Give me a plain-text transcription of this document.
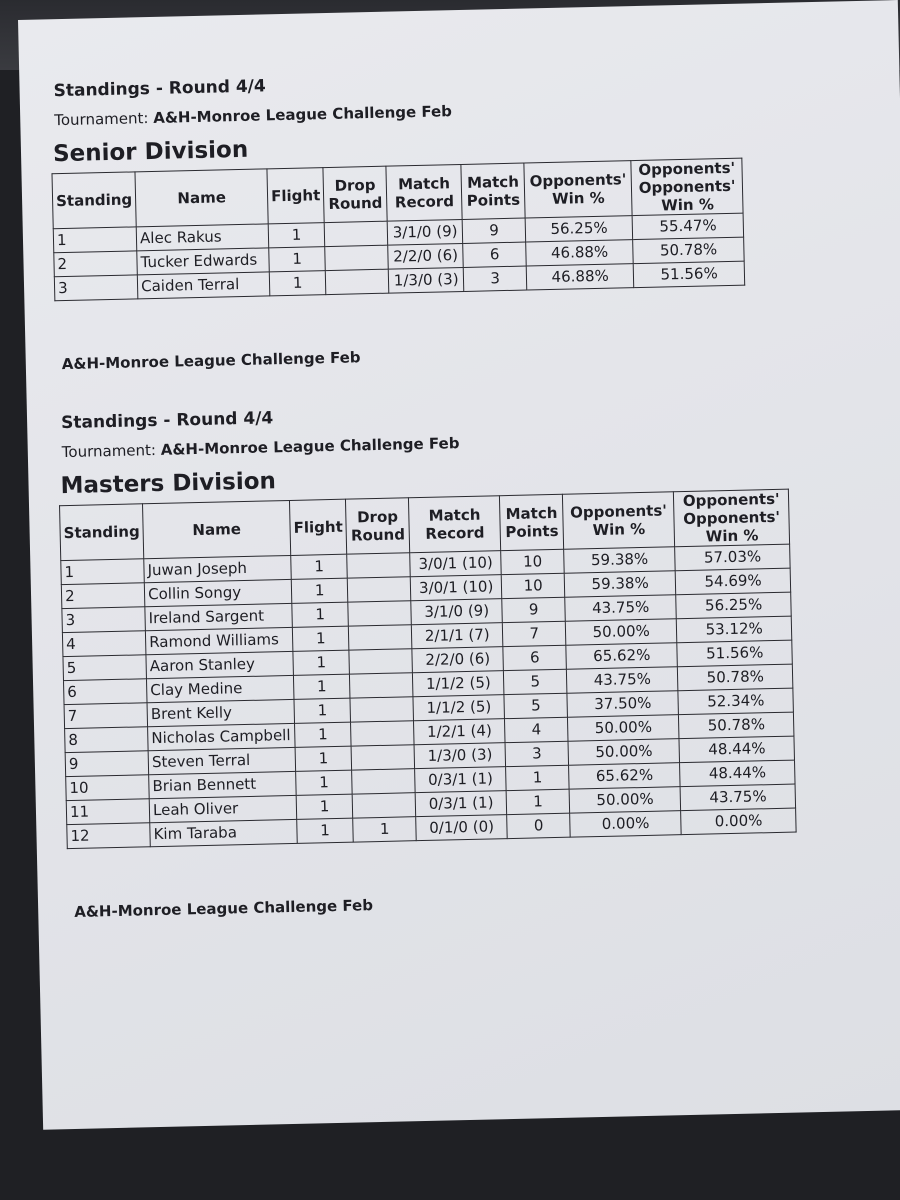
Standings - Round 4/4
Tournament: A&H-Monroe League Challenge Feb
Senior Division
Standing	Name	Flight	Drop Round	Match Record	Match Points	Opponents' Win %	Opponents' Opponents' Win %
1	Alec Rakus	1		3/1/0 (9)	9	56.25%	55.47%
2	Tucker Edwards	1		2/2/0 (6)	6	46.88%	50.78%
3	Caiden Terral	1		1/3/0 (3)	3	46.88%	51.56%
A&H-Monroe League Challenge Feb
Standings - Round 4/4
Tournament: A&H-Monroe League Challenge Feb
Masters Division
Standing	Name	Flight	Drop Round	Match Record	Match Points	Opponents' Win %	Opponents' Opponents' Win %
1	Juwan Joseph	1		3/0/1 (10)	10	59.38%	57.03%
2	Collin Songy	1		3/0/1 (10)	10	59.38%	54.69%
3	Ireland Sargent	1		3/1/0 (9)	9	43.75%	56.25%
4	Ramond Williams	1		2/1/1 (7)	7	50.00%	53.12%
5	Aaron Stanley	1		2/2/0 (6)	6	65.62%	51.56%
6	Clay Medine	1		1/1/2 (5)	5	43.75%	50.78%
7	Brent Kelly	1		1/1/2 (5)	5	37.50%	52.34%
8	Nicholas Campbell	1		1/2/1 (4)	4	50.00%	50.78%
9	Steven Terral	1		1/3/0 (3)	3	50.00%	48.44%
10	Brian Bennett	1		0/3/1 (1)	1	65.62%	48.44%
11	Leah Oliver	1		0/3/1 (1)	1	50.00%	43.75%
12	Kim Taraba	1	1	0/1/0 (0)	0	0.00%	0.00%
A&H-Monroe League Challenge Feb
